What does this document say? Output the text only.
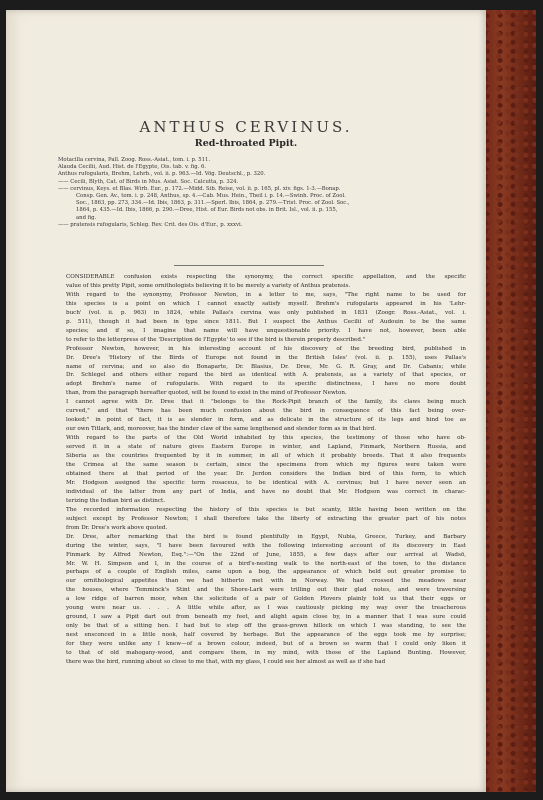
ANTHUS CERVINUS.
Red-throated Pipit.
Motacilla cervina, Pall. Zoog. Ross.-Asiat., tom. i. p. 511.
Alauda Cecilii, Aud. Hist. de l'Egypte, Ois. tab. v. fig. 6.
Anthus rufogularis, Brehm, Lehrb., vol. ii. p. 963.—Id. Vög. Deutschl., p. 320.
—— Cecili, Blyth, Cat. of Birds in Mus. Asiat. Soc. Calcutta, p. 324.
—— cervinus, Keys. et Blas. Wirb. Eur., p. 172.—Midd. Sib. Reise, vol. ii. p. 165, pl. xiv. figs. 1-3.—Bonap.
Consp. Gen. Av., tom. i. p. 248, Anthus, sp. 4.—Cab. Mus. Hein., Theil i. p. 14.—Swinh. Proc. of Zool.
Soc., 1863, pp. 273, 334.—Id. Ibis, 1863, p. 311.—Sperl. Ibis, 1864, p. 279.—Trist. Proc. of Zool. Soc.,
1864, p. 435.—Id. Ibis, 1866, p. 290.—Dree, Hist. of Eur. Birds not obs. in Brit. Isl., vol. ii. p. 155,
and fig.
—— pratensis rufogularis, Schleg. Rev. Crit. des Ois. d'Eur., p. xxxvi.

CONSIDERABLE confusion exists respecting the synonymy, the correct specific appellation, and the specific
value of this pretty Pipit, some ornithologists believing it to be merely a variety of Anthus pratensis.

With regard to the synonymy, Professor Newton, in a letter to me, says, "The right name to be used for
this species is a point on which I cannot exactly satisfy myself. Brehm's rufogularis appeared in his 'Lehr-
buch' (vol. ii. p. 963) in 1824, while Pallas's cervina was only published in 1831 (Zoogr. Ross.-Asiat., vol. i.
p. 511), though it had been in type since 1811. But I suspect the Anthus Cecilii of Audouin to be the same
species; and if so, I imagine that name will have unquestionable priority. I have not, however, been able
to refer to the letterpress of the 'Description de l'Egypte' to see if the bird is therein properly described."

Professor Newton, however, in his interesting account of his discovery of the breeding bird, published in
Dr. Dree's 'History of the Birds of Europe not found in the British Isles' (vol. ii. p. 155), uses Pallas's
name of cervina; and so also do Bonaparte, Dr. Blasius, Dr. Dree, Mr. G. R. Gray, and Dr. Cabanis; while
Dr. Schlegel and others either regard the bird as identical with A. pratensis, as a variety of that species, or
adopt Brehm's name of rufogularis. With regard to its specific distinctness, I have no more doubt
than, from the paragraph hereafter quoted, will be found to exist in the mind of Professor Newton.

I cannot agree with Dr. Dree that it "belongs to the Rock-Pipit branch of the family, its claws being much
curved," and that "there has been much confusion about the bird in consequence of this fact being over-
looked;" in point of fact, it is as slender in form, and as delicate in the structure of its legs and hind toe as
our own Titlark, and, moreover, has the hinder claw of the same lengthened and slender form as in that bird.

With regard to the parts of the Old World inhabited by this species, the testimony of those who have ob-
served it in a state of nature gives Eastern Europe in winter, and Lapland, Finmark, Northern Russia, and
Siberia as the countries frequented by it in summer, in all of which it probably breeds. That it also frequents
the Crimea at the same season is certain, since the specimens from which my figures were taken were
obtained there at that period of the year. Dr. Jerdon considers the Indian bird of this form, to which
Mr. Hodgson assigned the specific term rosaceus, to be identical with A. cervinus; but I have never seen an
individual of the latter from any part of India, and have no doubt that Mr. Hodgson was correct in charac-
terizing the Indian bird as distinct.

The recorded information respecting the history of this species is but scanty, little having been written on the
subject except by Professor Newton; I shall therefore take the liberty of extracting the greater part of his notes
from Dr. Dree's work above quoted.

Dr. Dree, after remarking that the bird is found plentifully in Egypt, Nubia, Greece, Turkey, and Barbary
during the winter, says, "I have been favoured with the following interesting account of its discovery in East
Finmark by Alfred Newton, Esq.":—"On the 22nd of June, 1855, a few days after our arrival at Wadsö,
Mr. W. H. Simpson and I, in the course of a bird's-nesting walk to the north-east of the town, to the distance
perhaps of a couple of English miles, came upon a bog, the appearance of which held out greater promise to
our ornithological appetites than we had hitherto met with in Norway. We had crossed the meadows near
the houses, where Temminck's Stint and the Shore-Lark were trilling out their glad notes, and were traversing
a low ridge of barren moor, when the solicitude of a pair of Golden Plovers plainly told us that their eggs or
young were near us. . . . A little while after, as I was cautiously picking my way over the treacherous
ground, I saw a Pipit dart out from beneath my feet, and alight again close by, in a manner that I was sure could
only be that of a sitting hen. I had but to step off the grass-grown hillock on which I was standing, to see the
nest ensconced in a little nook, half covered by herbage. But the appearance of the eggs took me by surprise;
for they were unlike any I knew—of a brown colour, indeed, but of a brown so warm that I could only liken it
to that of old mahogany-wood, and compare them, in my mind, with those of the Lapland Bunting. However,
there was the bird, running about so close to me that, with my glass, I could see her almost as well as if she had
